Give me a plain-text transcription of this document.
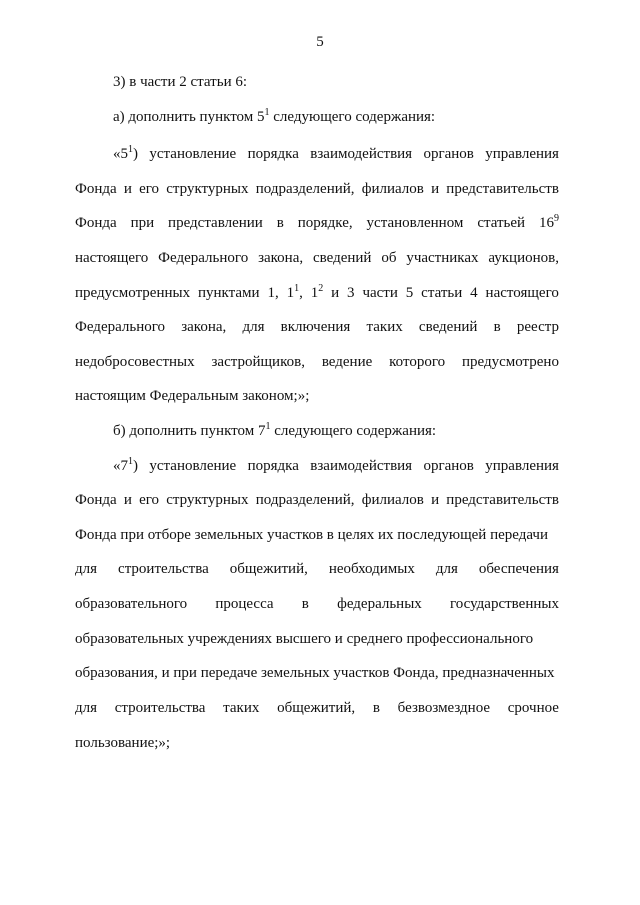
5
3) в части 2 статьи 6:
а) дополнить пунктом $5^1$ следующего содержания:
«$5^1$) установление порядка взаимодействия органов управления
Фонда и его структурных подразделений, филиалов и представительств
Фонда при представлении в порядке, установленном статьей $16^9$
настоящего Федерального закона, сведений об участниках аукционов,
предусмотренных пунктами 1, $1^1$, $1^2$ и 3 части 5 статьи 4 настоящего
Федерального закона, для включения таких сведений в реестр
недобросовестных застройщиков, ведение которого предусмотрено
настоящим Федеральным законом;»;
б) дополнить пунктом $7^1$ следующего содержания:
«$7^1$) установление порядка взаимодействия органов управления
Фонда и его структурных подразделений, филиалов и представительств
Фонда при отборе земельных участков в целях их последующей передачи
для строительства общежитий, необходимых для обеспечения
образовательного процесса в федеральных государственных
образовательных учреждениях высшего и среднего профессионального
образования, и при передаче земельных участков Фонда, предназначенных
для строительства таких общежитий, в безвозмездное срочное
пользование;»;
